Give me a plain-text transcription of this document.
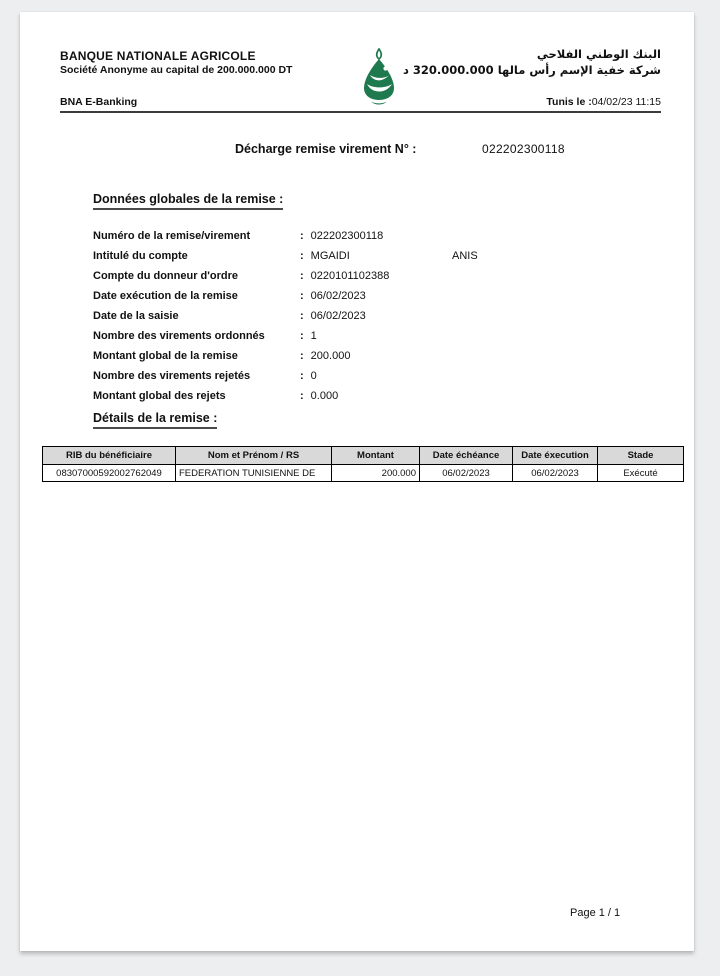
BANQUE NATIONALE AGRICOLE
Société Anonyme au capital de 200.000.000 DT
البنك الوطني الفلاحي
شركة خفية الإسم رأس مالها 320.000.000 د
BNA E-Banking	Tunis le :04/02/23 11:15
Décharge remise virement N° :	022202300118
Données globales de la remise :
Numéro de la remise/virement	: 022202300118
Intitulé du compte	: MGAIDI	ANIS
Compte du donneur d'ordre	: 0220101102388
Date exécution de la remise	: 06/02/2023
Date de la saisie	: 06/02/2023
Nombre des virements ordonnés	: 1
Montant global de la remise	: 200.000
Nombre des virements rejetés	: 0
Montant global des rejets	: 0.000
Détails de la remise :
RIB du bénéficiaire	Nom et Prénom / RS	Montant	Date échéance	Date éxecution	Stade
08307000592002762049	FEDERATION TUNISIENNE DE	200.000	06/02/2023	06/02/2023	Exécuté
Page 1 / 1
